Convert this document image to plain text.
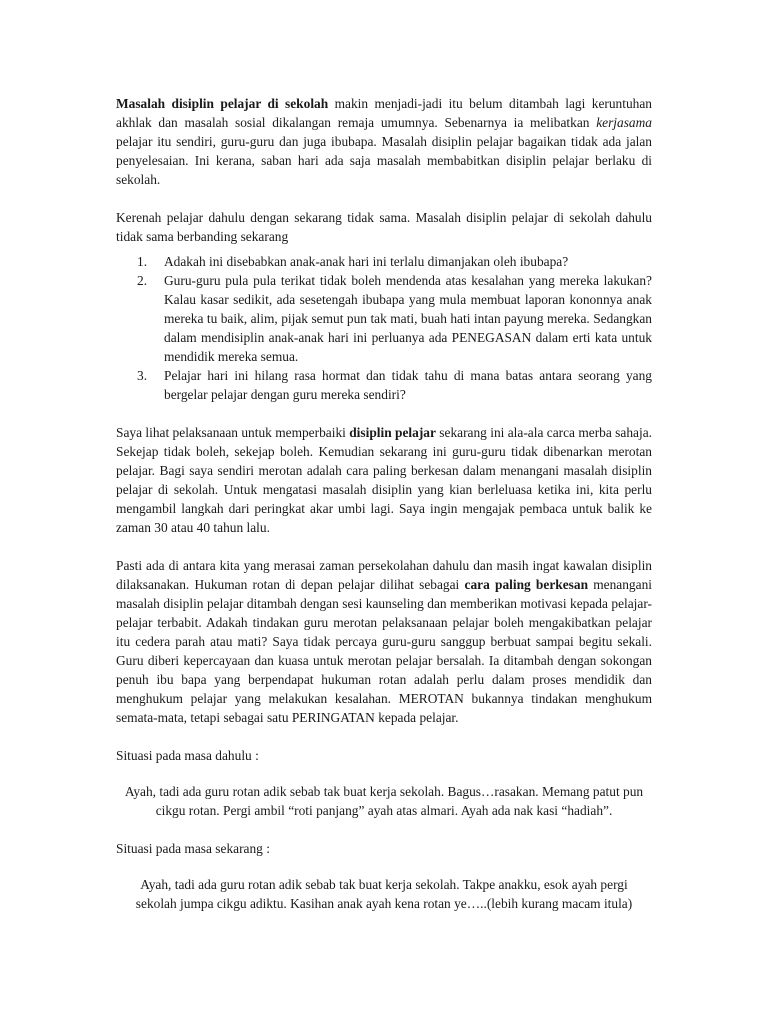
Masalah disiplin pelajar di sekolah makin menjadi-jadi itu belum ditambah lagi keruntuhan akhlak dan masalah sosial dikalangan remaja umumnya. Sebenarnya ia melibatkan kerjasama pelajar itu sendiri, guru-guru dan juga ibubapa. Masalah disiplin pelajar bagaikan tidak ada jalan penyelesaian. Ini kerana, saban hari ada saja masalah membabitkan disiplin pelajar berlaku di sekolah.

Kerenah pelajar dahulu dengan sekarang tidak sama. Masalah disiplin pelajar di sekolah dahulu tidak sama berbanding sekarang

1. Adakah ini disebabkan anak-anak hari ini terlalu dimanjakan oleh ibubapa?
2. Guru-guru pula pula terikat tidak boleh mendenda atas kesalahan yang mereka lakukan? Kalau kasar sedikit, ada sesetengah ibubapa yang mula membuat laporan kononnya anak mereka tu baik, alim, pijak semut pun tak mati, buah hati intan payung mereka. Sedangkan dalam mendisiplin anak-anak hari ini perluanya ada PENEGASAN dalam erti kata untuk mendidik mereka semua.
3. Pelajar hari ini hilang rasa hormat dan tidak tahu di mana batas antara seorang yang bergelar pelajar dengan guru mereka sendiri?

Saya lihat pelaksanaan untuk memperbaiki disiplin pelajar sekarang ini ala-ala carca merba sahaja. Sekejap tidak boleh, sekejap boleh. Kemudian sekarang ini guru-guru tidak dibenarkan merotan pelajar. Bagi saya sendiri merotan adalah cara paling berkesan dalam menangani masalah disiplin pelajar di sekolah. Untuk mengatasi masalah disiplin yang kian berleluasa ketika ini, kita perlu mengambil langkah dari peringkat akar umbi lagi. Saya ingin mengajak pembaca untuk balik ke zaman 30 atau 40 tahun lalu.

Pasti ada di antara kita yang merasai zaman persekolahan dahulu dan masih ingat kawalan disiplin dilaksanakan. Hukuman rotan di depan pelajar dilihat sebagai cara paling berkesan menangani masalah disiplin pelajar ditambah dengan sesi kaunseling dan memberikan motivasi kepada pelajar-pelajar terbabit. Adakah tindakan guru merotan pelaksanaan pelajar boleh mengakibatkan pelajar itu cedera parah atau mati? Saya tidak percaya guru-guru sanggup berbuat sampai begitu sekali. Guru diberi kepercayaan dan kuasa untuk merotan pelajar bersalah. Ia ditambah dengan sokongan penuh ibu bapa yang berpendapat hukuman rotan adalah perlu dalam proses mendidik dan menghukum pelajar yang melakukan kesalahan. MEROTAN bukannya tindakan menghukum semata-mata, tetapi sebagai satu PERINGATAN kepada pelajar.

Situasi pada masa dahulu :

Ayah, tadi ada guru rotan adik sebab tak buat kerja sekolah. Bagus…rasakan. Memang patut pun cikgu rotan. Pergi ambil “roti panjang” ayah atas almari. Ayah ada nak kasi “hadiah”.

Situasi pada masa sekarang :

Ayah, tadi ada guru rotan adik sebab tak buat kerja sekolah. Takpe anakku, esok ayah pergi sekolah jumpa cikgu adiktu. Kasihan anak ayah kena rotan ye…..(lebih kurang macam itula)
